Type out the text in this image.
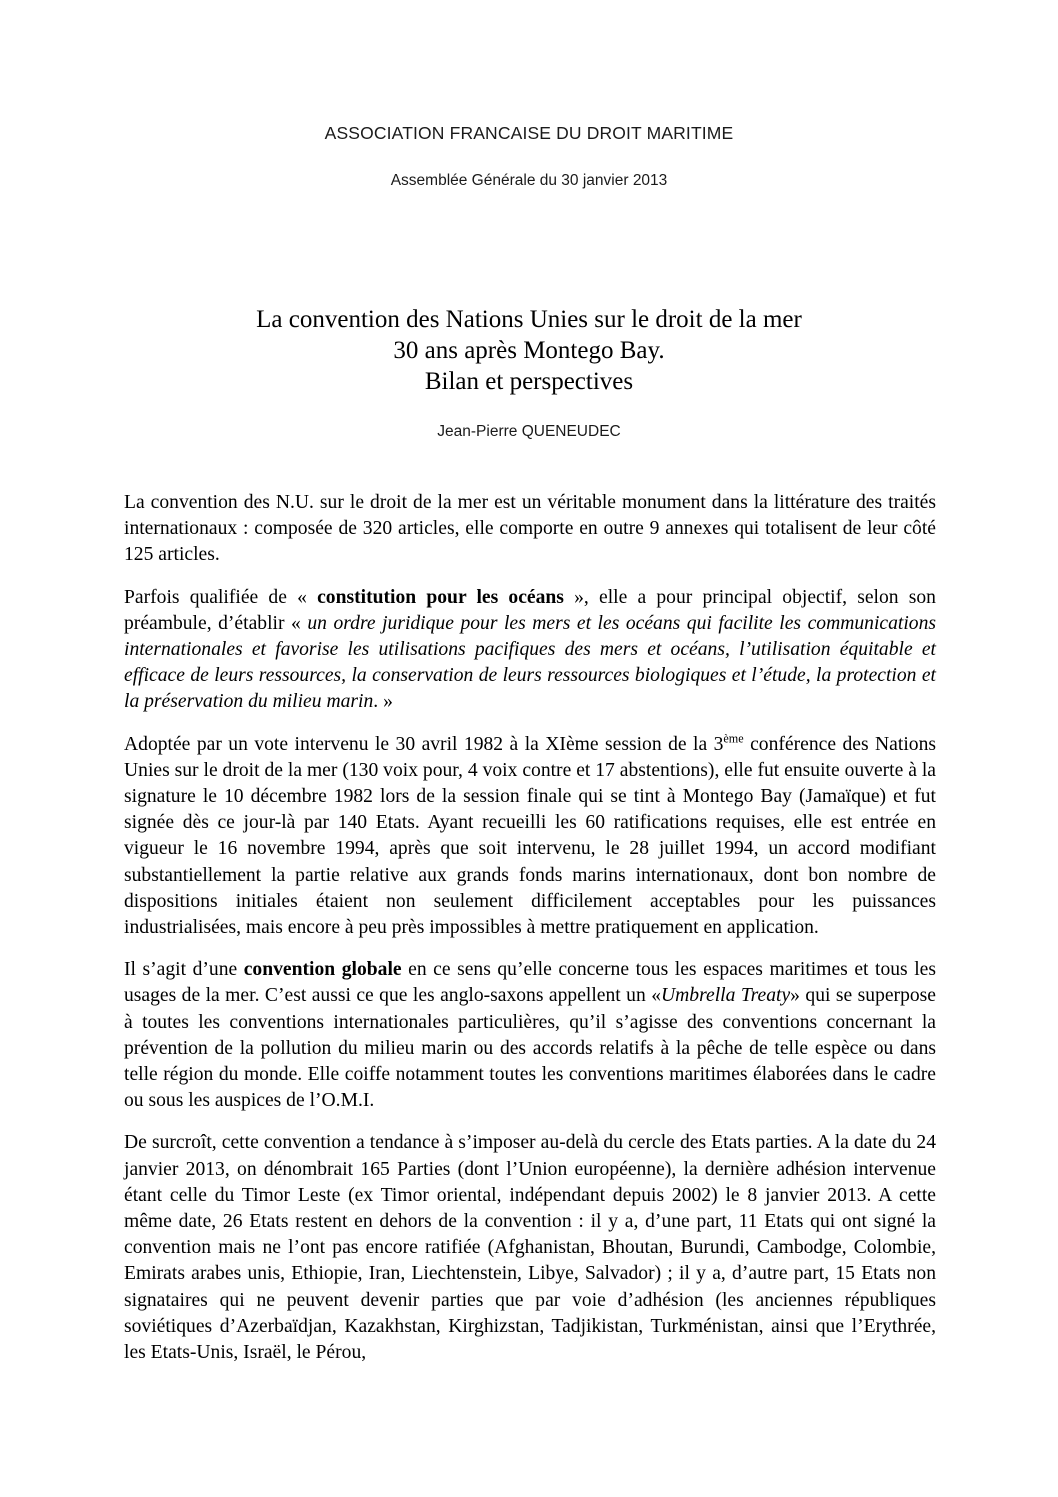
ASSOCIATION FRANCAISE DU DROIT MARITIME
Assemblée Générale du 30 janvier 2013
La convention des Nations Unies sur le droit de la mer
30 ans après Montego Bay.
Bilan et perspectives
Jean-Pierre QUENEUDEC

La convention des N.U. sur le droit de la mer est un véritable monument dans la littérature des traités internationaux : composée de 320 articles, elle comporte en outre 9 annexes qui totalisent de leur côté 125 articles.

Parfois qualifiée de « constitution pour les océans », elle a pour principal objectif, selon son préambule, d’établir « un ordre juridique pour les mers et les océans qui facilite les communications internationales et favorise les utilisations pacifiques des mers et océans, l’utilisation équitable et efficace de leurs ressources, la conservation de leurs ressources biologiques et l’étude, la protection et la préservation du milieu marin. »

Adoptée par un vote intervenu le 30 avril 1982 à la XIème session de la 3ème conférence des Nations Unies sur le droit de la mer (130 voix pour, 4 voix contre et 17 abstentions), elle fut ensuite ouverte à la signature le 10 décembre 1982 lors de la session finale qui se tint à Montego Bay (Jamaïque) et fut signée dès ce jour-là par 140 Etats. Ayant recueilli les 60 ratifications requises, elle est entrée en vigueur le 16 novembre 1994, après que soit intervenu, le 28 juillet 1994, un accord modifiant substantiellement la partie relative aux grands fonds marins internationaux, dont bon nombre de dispositions initiales étaient non seulement difficilement acceptables pour les puissances industrialisées, mais encore à peu près impossibles à mettre pratiquement en application.

Il s’agit d’une convention globale en ce sens qu’elle concerne tous les espaces maritimes et tous les usages de la mer. C’est aussi ce que les anglo-saxons appellent un «Umbrella Treaty» qui se superpose à toutes les conventions internationales particulières, qu’il s’agisse des conventions concernant la prévention de la pollution du milieu marin ou des accords relatifs à la pêche de telle espèce ou dans telle région du monde. Elle coiffe notamment toutes les conventions maritimes élaborées dans le cadre ou sous les auspices de l’O.M.I.

De surcroît, cette convention a tendance à s’imposer au-delà du cercle des Etats parties. A la date du 24 janvier 2013, on dénombrait 165 Parties (dont l’Union européenne), la dernière adhésion intervenue étant celle du Timor Leste (ex Timor oriental, indépendant depuis 2002) le 8 janvier 2013. A cette même date, 26 Etats restent en dehors de la convention : il y a, d’une part, 11 Etats qui ont signé la convention mais ne l’ont pas encore ratifiée (Afghanistan, Bhoutan, Burundi, Cambodge, Colombie, Emirats arabes unis, Ethiopie, Iran, Liechtenstein, Libye, Salvador) ; il y a, d’autre part, 15 Etats non signataires qui ne peuvent devenir parties que par voie d’adhésion (les anciennes républiques soviétiques d’Azerbaïdjan, Kazakhstan, Kirghizstan, Tadjikistan, Turkménistan, ainsi que l’Erythrée, les Etats-Unis, Israël, le Pérou,
